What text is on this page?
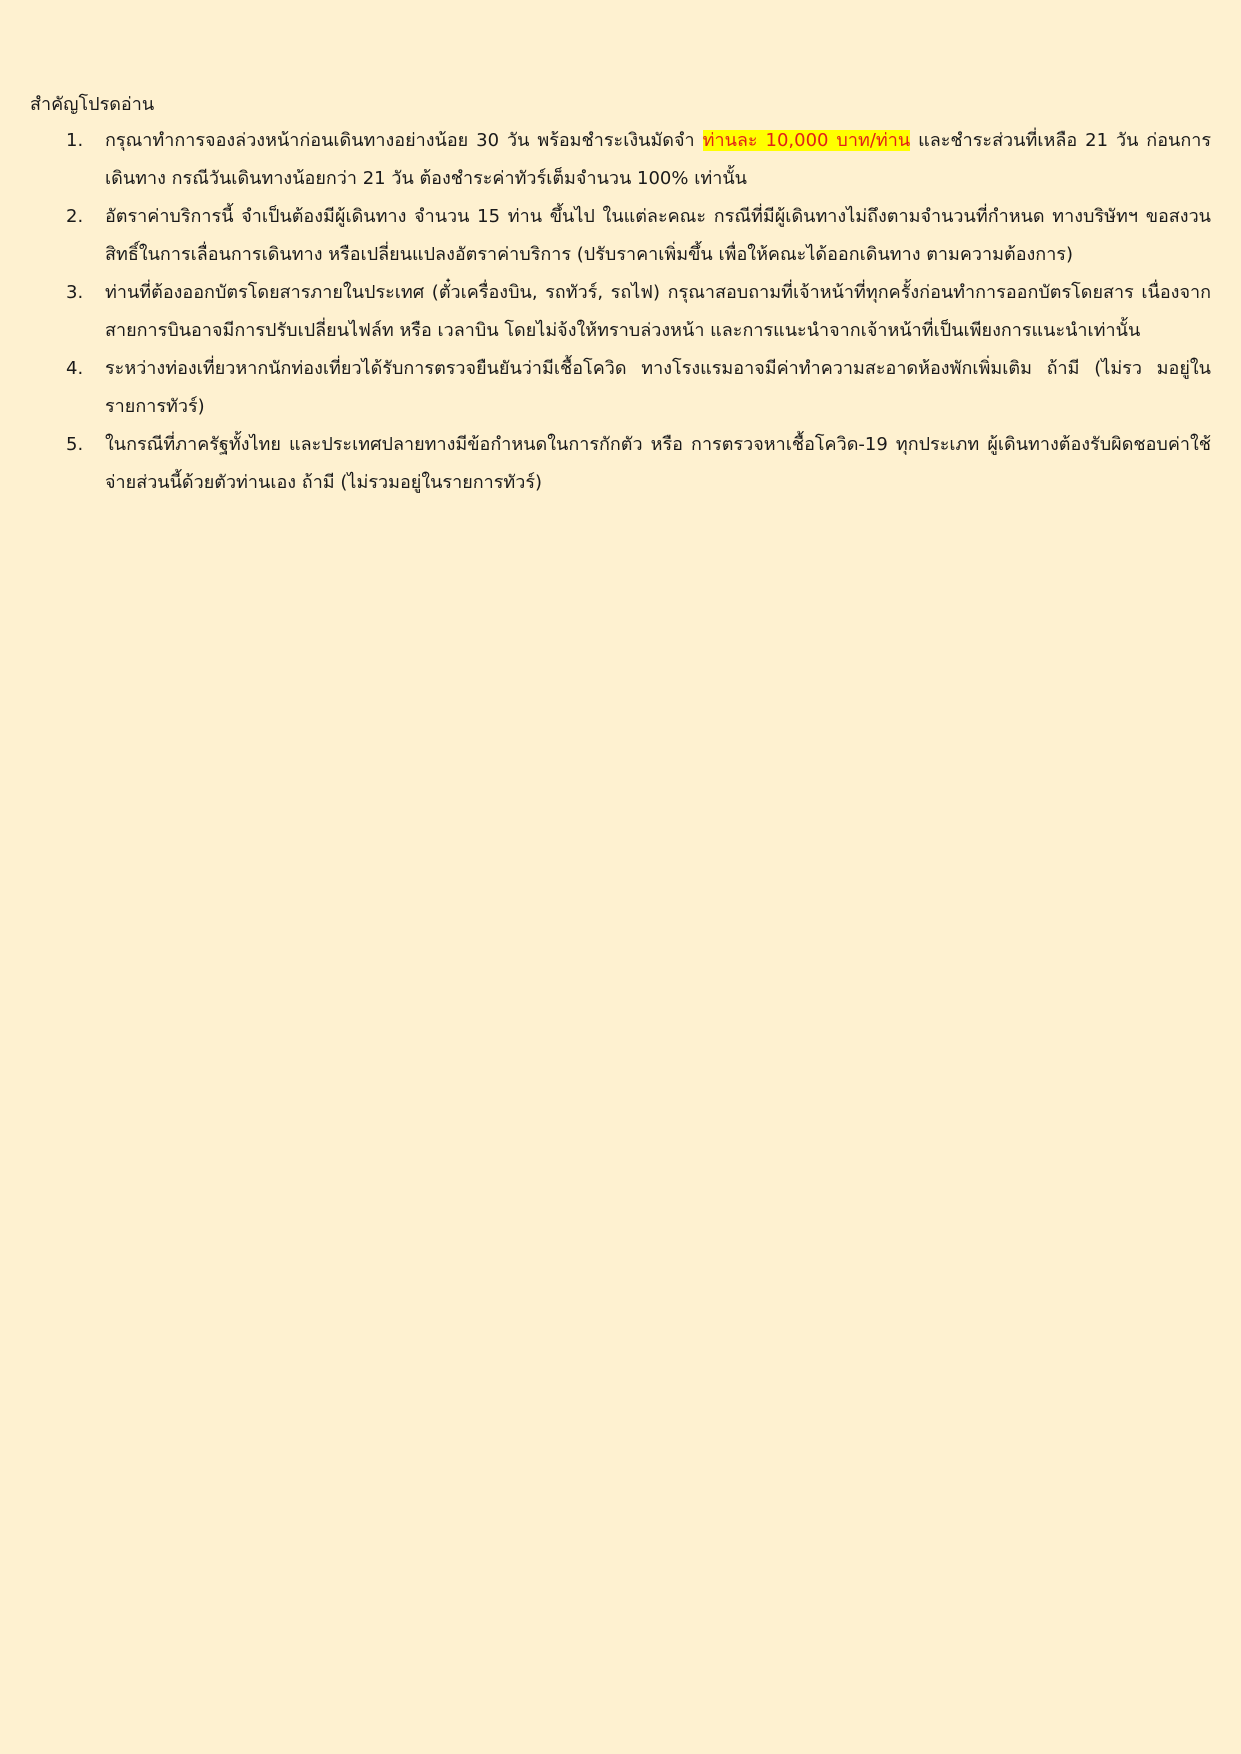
สำคัญโปรดอ่าน
1.	กรุณาทำการจองล่วงหน้าก่อนเดินทางอย่างน้อย 30 วัน พร้อมชำระเงินมัดจำ ท่านละ 10,000 บาท/ท่าน และชำระส่วนที่เหลือ 21 วัน ก่อนการเดินทาง กรณีวันเดินทางน้อยกว่า 21 วัน ต้องชำระค่าทัวร์เต็มจำนวน 100% เท่านั้น
2.	อัตราค่าบริการนี้ จำเป็นต้องมีผู้เดินทาง จำนวน 15 ท่าน ขึ้นไป ในแต่ละคณะ กรณีที่มีผู้เดินทางไม่ถึงตามจำนวนที่กำหนด ทางบริษัทฯ ขอสงวนสิทธิ์ในการเลื่อนการเดินทาง หรือเปลี่ยนแปลงอัตราค่าบริการ (ปรับราคาเพิ่มขึ้น เพื่อให้คณะได้ออกเดินทาง ตามความต้องการ)
3.	ท่านที่ต้องออกบัตรโดยสารภายในประเทศ (ตั๋วเครื่องบิน, รถทัวร์, รถไฟ) กรุณาสอบถามที่เจ้าหน้าที่ทุกครั้งก่อนทำการออกบัตรโดยสาร เนื่องจากสายการบินอาจมีการปรับเปลี่ยนไฟล์ท หรือ เวลาบิน โดยไม่จ้งให้ทราบล่วงหน้า และการแนะนำจากเจ้าหน้าที่เป็นเพียงการแนะนำเท่านั้น
4.	ระหว่างท่องเที่ยวหากนักท่องเที่ยวได้รับการตรวจยืนยันว่ามีเชื้อโควิด ทางโรงแรมอาจมีค่าทำความสะอาดห้องพักเพิ่มเติม ถ้ามี (ไม่รว มอยู่ในรายการทัวร์)
5.	ในกรณีที่ภาครัฐทั้งไทย และประเทศปลายทางมีข้อกำหนดในการกักตัว หรือ การตรวจหาเชื้อโควิด-19 ทุกประเภท ผู้เดินทางต้องรับผิดชอบค่าใช้จ่ายส่วนนี้ด้วยตัวท่านเอง ถ้ามี (ไม่รวมอยู่ในรายการทัวร์)
